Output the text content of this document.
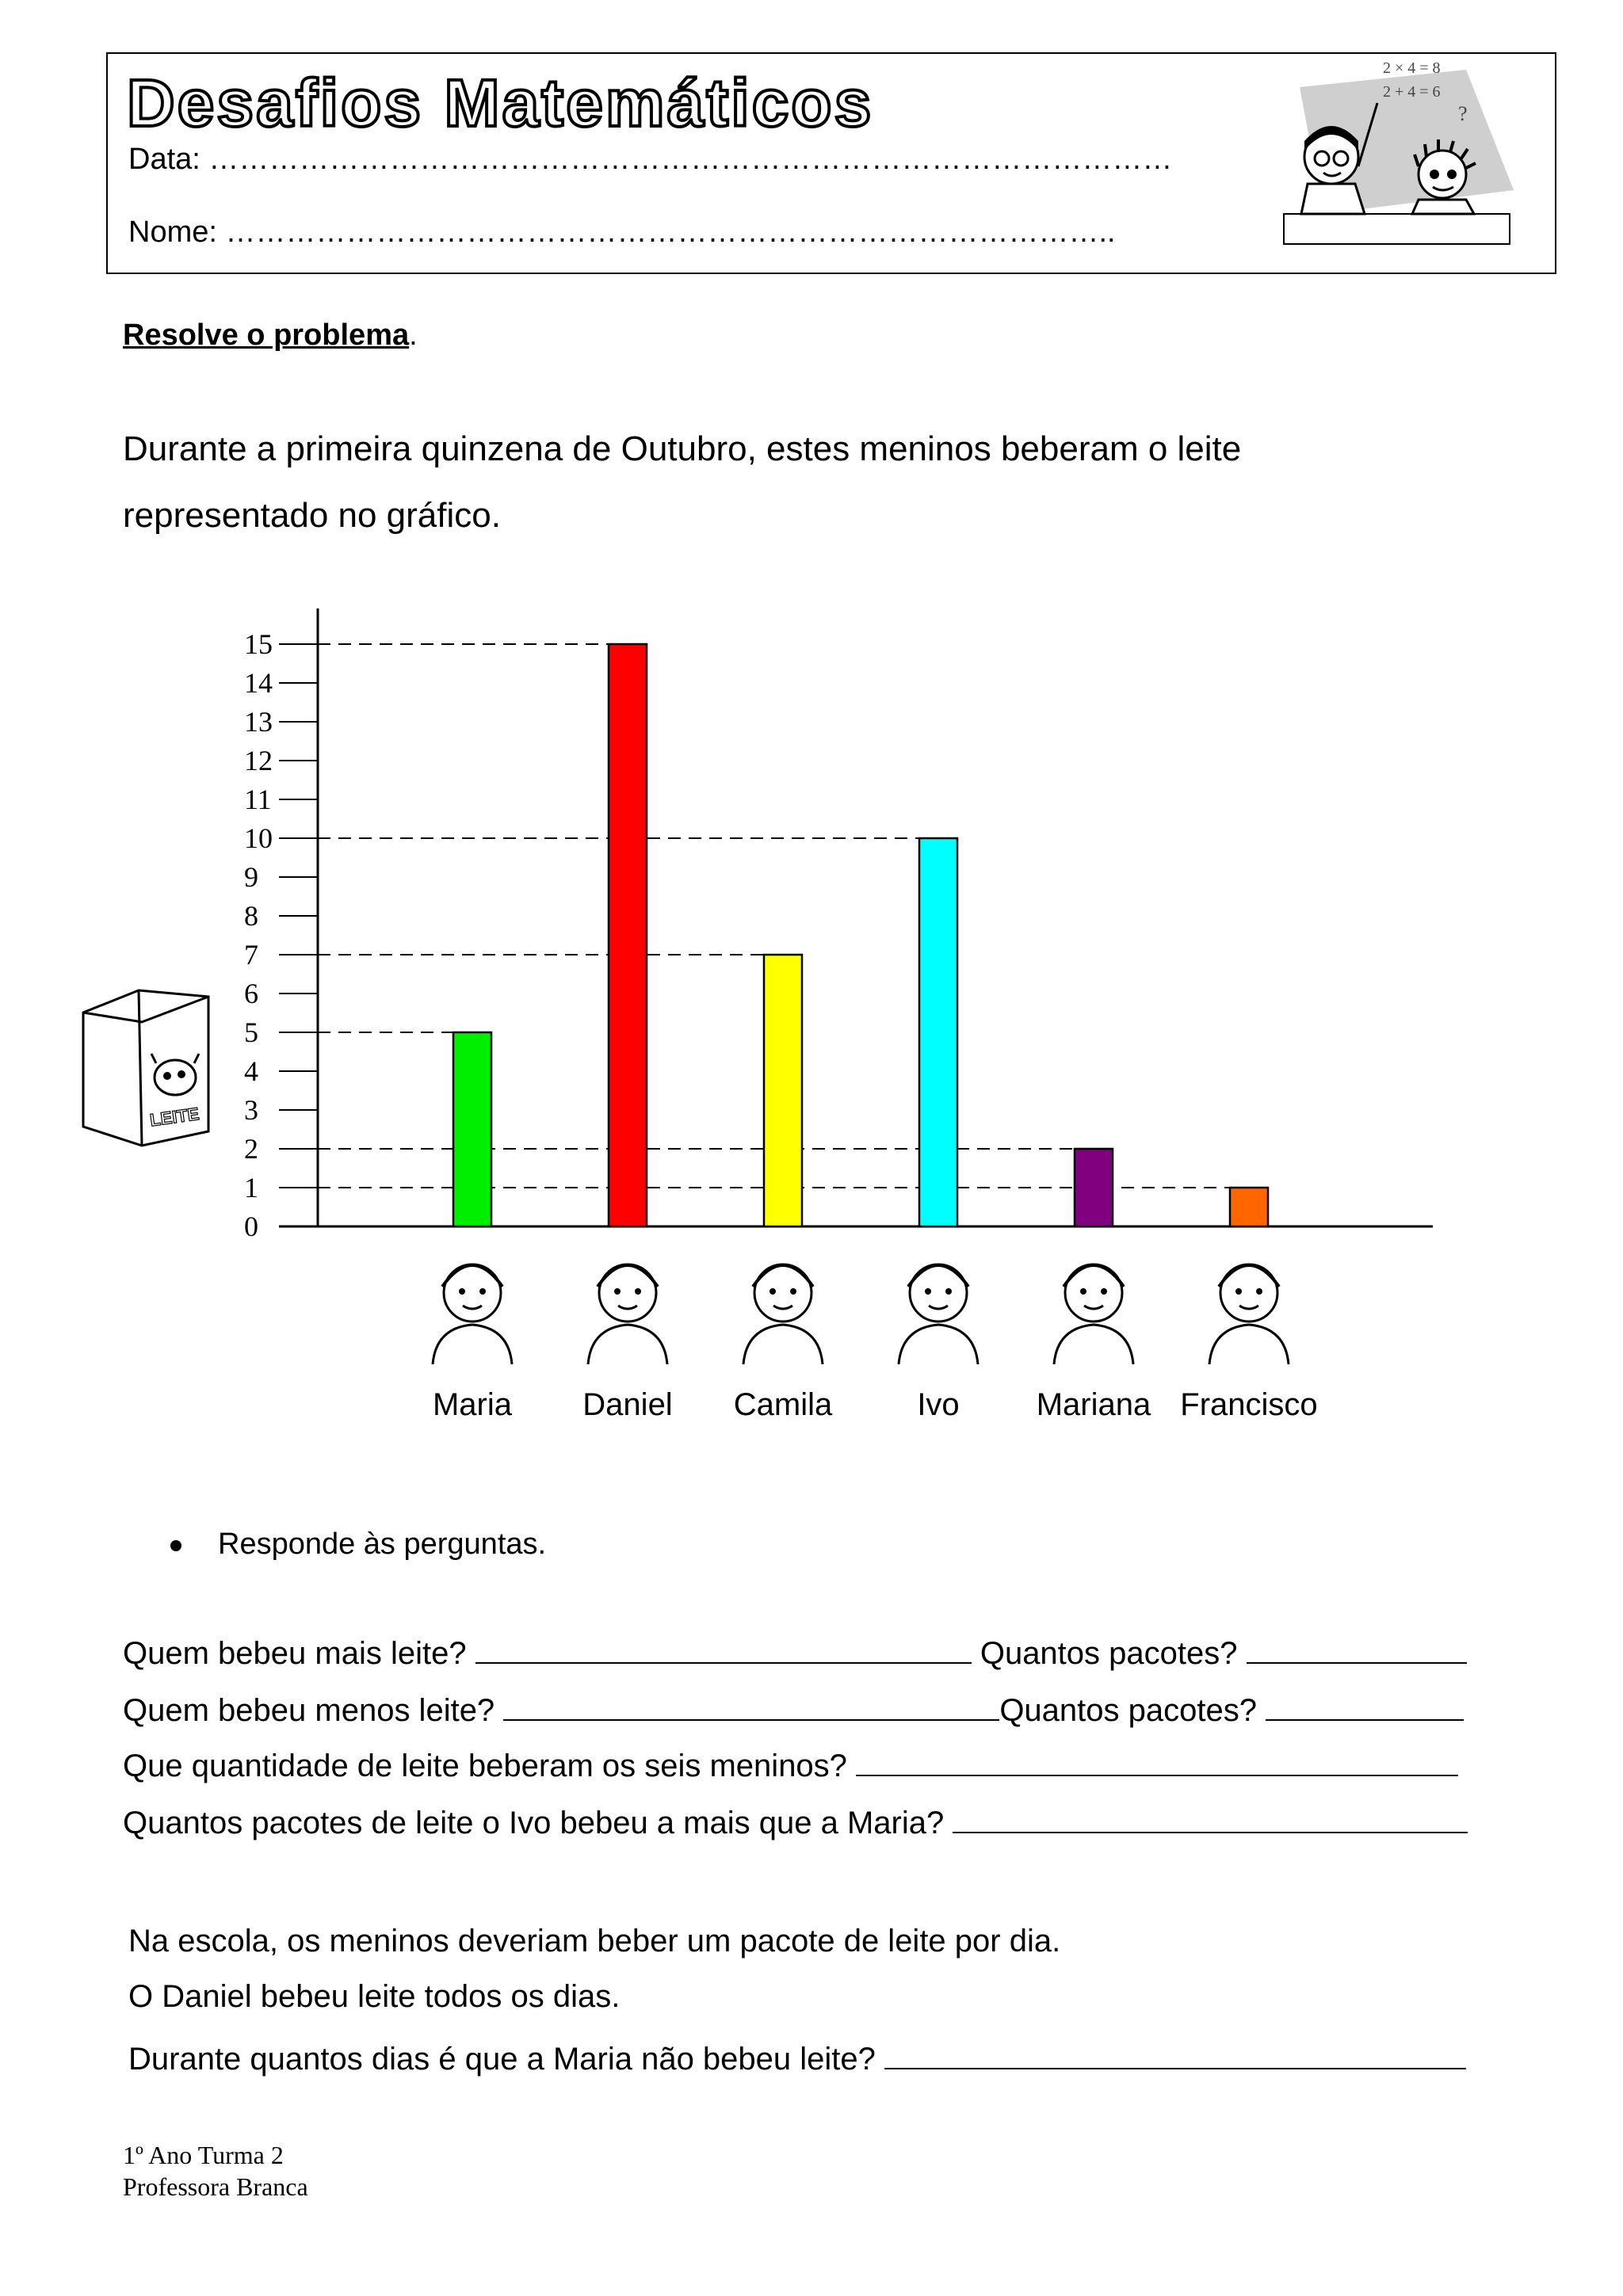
Desafios Matemáticos
Data: ……………………………………………………………………………………
Nome: ……………………………………………………………………………..
2 × 4 = 8
2 + 4 = 6
?
Resolve o problema.
Durante a primeira quinzena de Outubro, estes meninos beberam o leite
representado no gráfico.
LEITE
0
1
2
3
4
5
6
7
8
9
10
11
12
13
14
15
Maria Daniel Camila	Ivo Mariana Francisco
Responde às perguntas.
Quem bebeu mais leite?	Quantos pacotes?
Quem bebeu menos leite?	Quantos pacotes?
Que quantidade de leite beberam os seis meninos?
Quantos pacotes de leite o Ivo bebeu a mais que a Maria?
Na escola, os meninos deveriam beber um pacote de leite por dia.
O Daniel bebeu leite todos os dias.
Durante quantos dias é que a Maria não bebeu leite?
1º Ano Turma 2
Professora Branca
